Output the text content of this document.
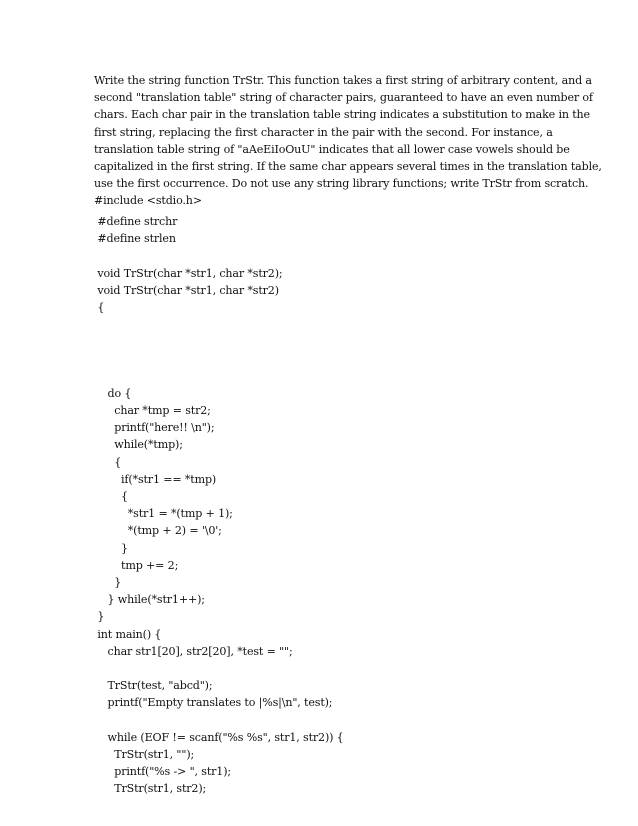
Write the string function TrStr. This function takes a first string of arbitrary content, and a
second "translation table" string of character pairs, guaranteed to have an even number of
chars. Each char pair in the translation table string indicates a substitution to make in the
first string, replacing the first character in the pair with the second. For instance, a
translation table string of "aAeEiIoOuU" indicates that all lower case vowels should be
capitalized in the first string. If the same char appears several times in the translation table,
use the first occurrence. Do not use any string library functions; write TrStr from scratch.
#include <stdio.h>
#define strchr
#define strlen
void TrStr(char *str1, char *str2);
void TrStr(char *str1, char *str2)
{
do {
char *tmp = str2;
printf("here!! \n");
while(*tmp);
{
if(*str1 == *tmp)
{
*str1 = *(tmp + 1);
*(tmp + 2) = '\0';
}
tmp += 2;
}
} while(*str1++);
}
int main() {
char str1[20], str2[20], *test = "";
TrStr(test, "abcd");
printf("Empty translates to |%s|\n", test);
while (EOF != scanf("%s %s", str1, str2)) {
TrStr(str1, "");
printf("%s -> ", str1);
TrStr(str1, str2);
